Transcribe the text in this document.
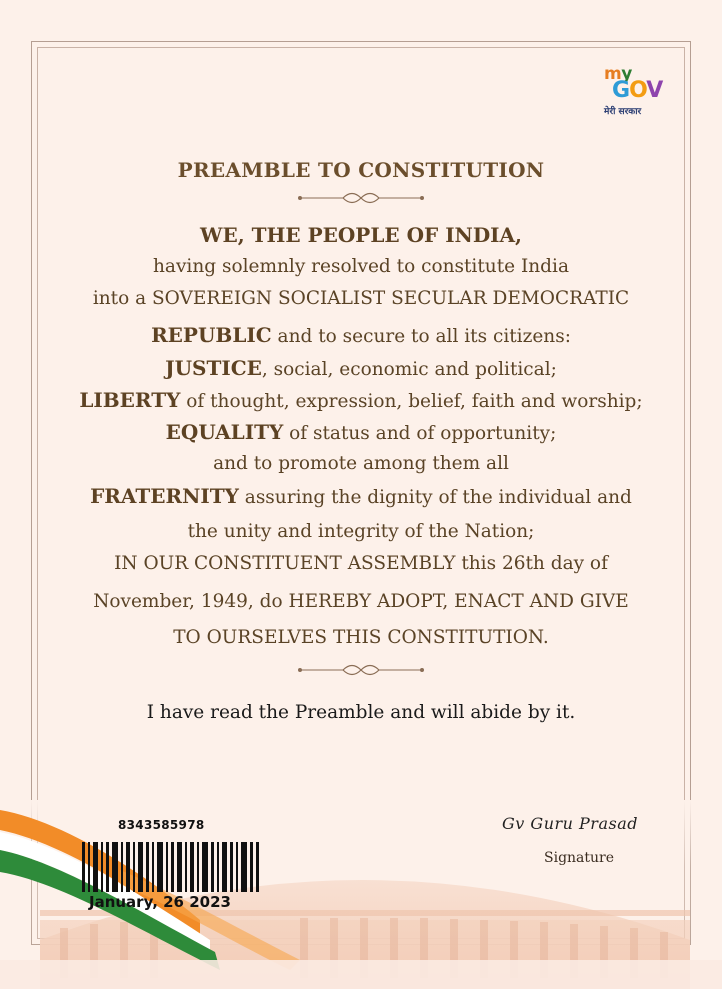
my
GOV
मेरी सरकार
PREAMBLE TO CONSTITUTION
WE, THE PEOPLE OF INDIA,
having solemnly resolved to constitute India
into a SOVEREIGN SOCIALIST SECULAR DEMOCRATIC
REPUBLIC and to secure to all its citizens:
JUSTICE, social, economic and political;
LIBERTY of thought, expression, belief, faith and worship;
EQUALITY of status and of opportunity;
and to promote among them all
FRATERNITY assuring the dignity of the individual and
the unity and integrity of the Nation;
IN OUR CONSTITUENT ASSEMBLY this 26th day of
November, 1949, do HEREBY ADOPT, ENACT AND GIVE
TO OURSELVES THIS CONSTITUTION.
I have read the Preamble and will abide by it.
8343585978
January, 26 2023
Gv Guru Prasad
Signature
